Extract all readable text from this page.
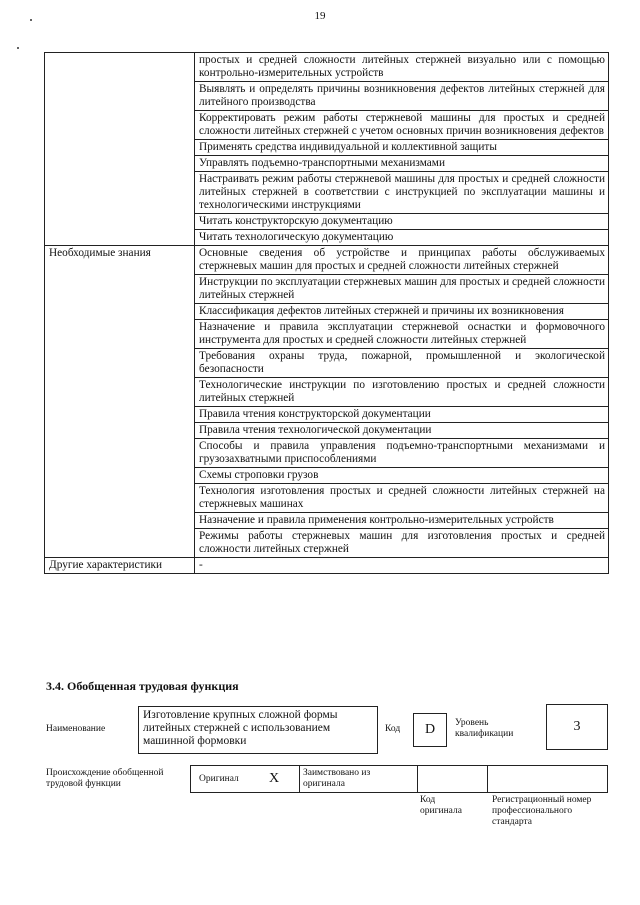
19
	простых и средней сложности литейных стержней визуально или с помощью контрольно-измерительных устройств
	Выявлять и определять причины возникновения дефектов литейных стержней для литейного производства
	Корректировать режим работы стержневой машины для простых и средней сложности литейных стержней с учетом основных причин возникновения дефектов
	Применять средства индивидуальной и коллективной защиты
	Управлять подъемно-транспортными механизмами
	Настраивать режим работы стержневой машины для простых и средней сложности литейных стержней в соответствии с инструкцией по эксплуатации машины и технологическими инструкциями
	Читать конструкторскую документацию
	Читать технологическую документацию
Необходимые знания	Основные сведения об устройстве и принципах работы обслуживаемых стержневых машин для простых и средней сложности литейных стержней
	Инструкции по эксплуатации стержневых машин для простых и средней сложности литейных стержней
	Классификация дефектов литейных стержней и причины их возникновения
	Назначение и правила эксплуатации стержневой оснастки и формовочного инструмента для простых и средней сложности литейных стержней
	Требования охраны труда, пожарной, промышленной и экологической безопасности
	Технологические инструкции по изготовлению простых и средней сложности литейных стержней
	Правила чтения конструкторской документации
	Правила чтения технологической документации
	Способы и правила управления подъемно-транспортными механизмами и грузозахватными приспособлениями
	Схемы строповки грузов
	Технология изготовления простых и средней сложности литейных стержней на стержневых машинах
	Назначение и правила применения контрольно-измерительных устройств
	Режимы работы стержневых машин для изготовления простых и средней сложности литейных стержней
Другие характеристики	-
3.4. Обобщенная трудовая функция
Наименование
Изготовление крупных сложной формы литейных стержней с использованием машинной формовки
Код	D	Уровень квалификации	3
Происхождение обобщенной трудовой функции	Оригинал X	Заимствовано из оригинала
Код оригинала
Регистрационный номер профессионального стандарта
